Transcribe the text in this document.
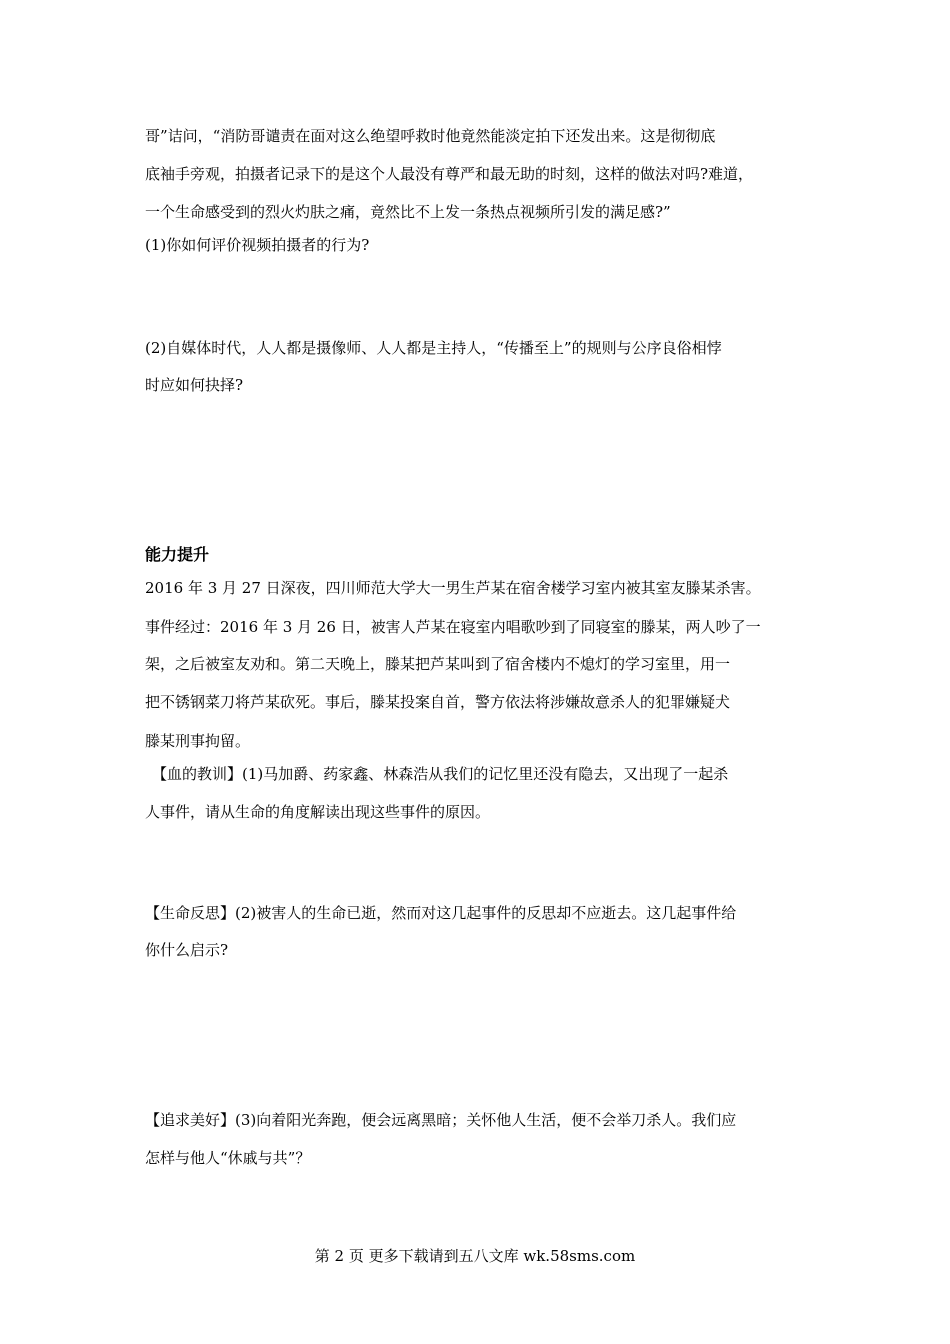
哥”诘问，“消防哥谴责在面对这么绝望呼救时他竟然能淡定拍下还发出来。这是彻彻底
底袖手旁观，拍摄者记录下的是这个人最没有尊严和最无助的时刻，这样的做法对吗?难道，
一个生命感受到的烈火灼肤之痛，竟然比不上发一条热点视频所引发的满足感?”
(1)你如何评价视频拍摄者的行为?
(2)自媒体时代，人人都是摄像师、人人都是主持人，“传播至上”的规则与公序良俗相悖
时应如何抉择?
能力提升
2016 年 3 月 27 日深夜，四川师范大学大一男生芦某在宿舍楼学习室内被其室友滕某杀害。
事件经过：2016 年 3 月 26 日，被害人芦某在寝室内唱歌吵到了同寝室的滕某，两人吵了一
架，之后被室友劝和。第二天晚上，滕某把芦某叫到了宿舍楼内不熄灯的学习室里，用一
把不锈钢菜刀将芦某砍死。事后，滕某投案自首，警方依法将涉嫌故意杀人的犯罪嫌疑犬
滕某刑事拘留。
【血的教训】(1)马加爵、药家鑫、林森浩从我们的记忆里还没有隐去，又出现了一起杀
人事件，请从生命的角度解读出现这些事件的原因。
【生命反思】(2)被害人的生命已逝，然而对这几起事件的反思却不应逝去。这几起事件给
你什么启示?
【追求美好】(3)向着阳光奔跑，便会远离黑暗；关怀他人生活，便不会举刀杀人。我们应
怎样与他人“休戚与共”？
第 2 页 更多下载请到五八文库 wk.58sms.com
